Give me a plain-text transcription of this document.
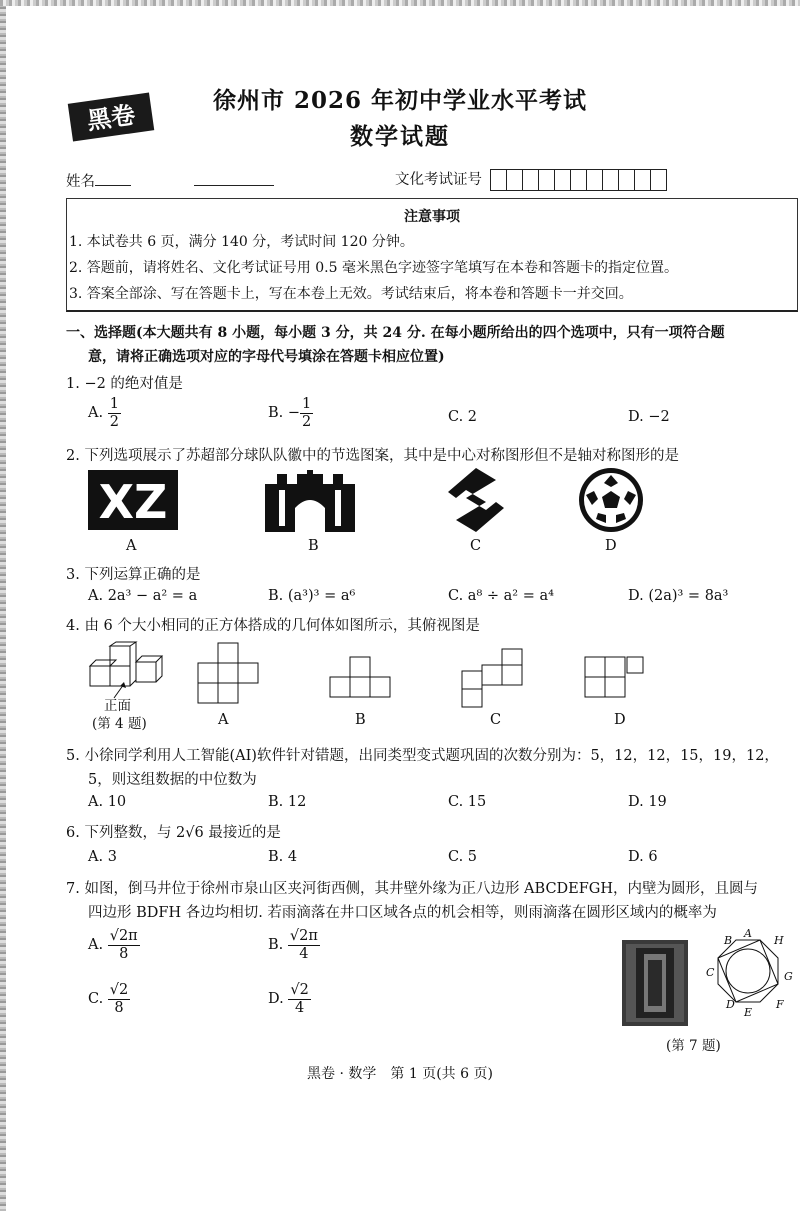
黑卷
徐州市 2026 年初中学业水平考试
数学试题
姓名	文化考试证号
注意事项
1. 本试卷共 6 页，满分 140 分，考试时间 120 分钟。
2. 答题前，请将姓名、文化考试证号用 0.5 毫米黑色字迹签字笔填写在本卷和答题卡的指定位置。
3. 答案全部涂、写在答题卡上，写在本卷上无效。考试结束后，将本卷和答题卡一并交回。
一、选择题(本大题共有 8 小题，每小题 3 分，共 24 分. 在每小题所给出的四个选项中，只有一项符合题
意，请将正确选项对应的字母代号填涂在答题卡相应位置)
1. −2 的绝对值是
A. $\frac{1}{2}$	B. − $\frac{1}{2}$	C. 2	D. −2
2. 下列选项展示了苏超部分球队队徽中的节选图案，其中是中心对称图形但不是轴对称图形的是
XZ
A	B	C	D
3. 下列运算正确的是
A. 2a³ − a² = a	B. (a³)³ = a⁶	C. a⁸ ÷ a² = a⁴	D. (2a)³ = 8a³
4. 由 6 个大小相同的正方体搭成的几何体如图所示，其俯视图是
正面
(第 4 题)	A	B	C	D
5. 小徐同学利用人工智能(AI)软件针对错题，出同类型变式题巩固的次数分别为：5，12，12，15，19，12，
5，则这组数据的中位数为
A. 10	B. 12	C. 15	D. 19
6. 下列整数，与 2√6 最接近的是
A. 3	B. 4	C. 5	D. 6
7. 如图，倒马井位于徐州市泉山区夹河街西侧，其井壁外缘为正八边形 ABCDEFGH，内壁为圆形，且圆与
四边形 BDFH 各边均相切. 若雨滴落在井口区域各点的机会相等，则雨滴落在圆形区域内的概率为
A. $\frac{√2\pi}{8}$	B. $\frac{√2\pi}{4}$
C. $\frac{√2}{8}$	D. $\frac{√2}{4}$
A
B
C
D
E
F
G
H
(第 7 题)
黑卷 · 数学　第 1 页(共 6 页)
